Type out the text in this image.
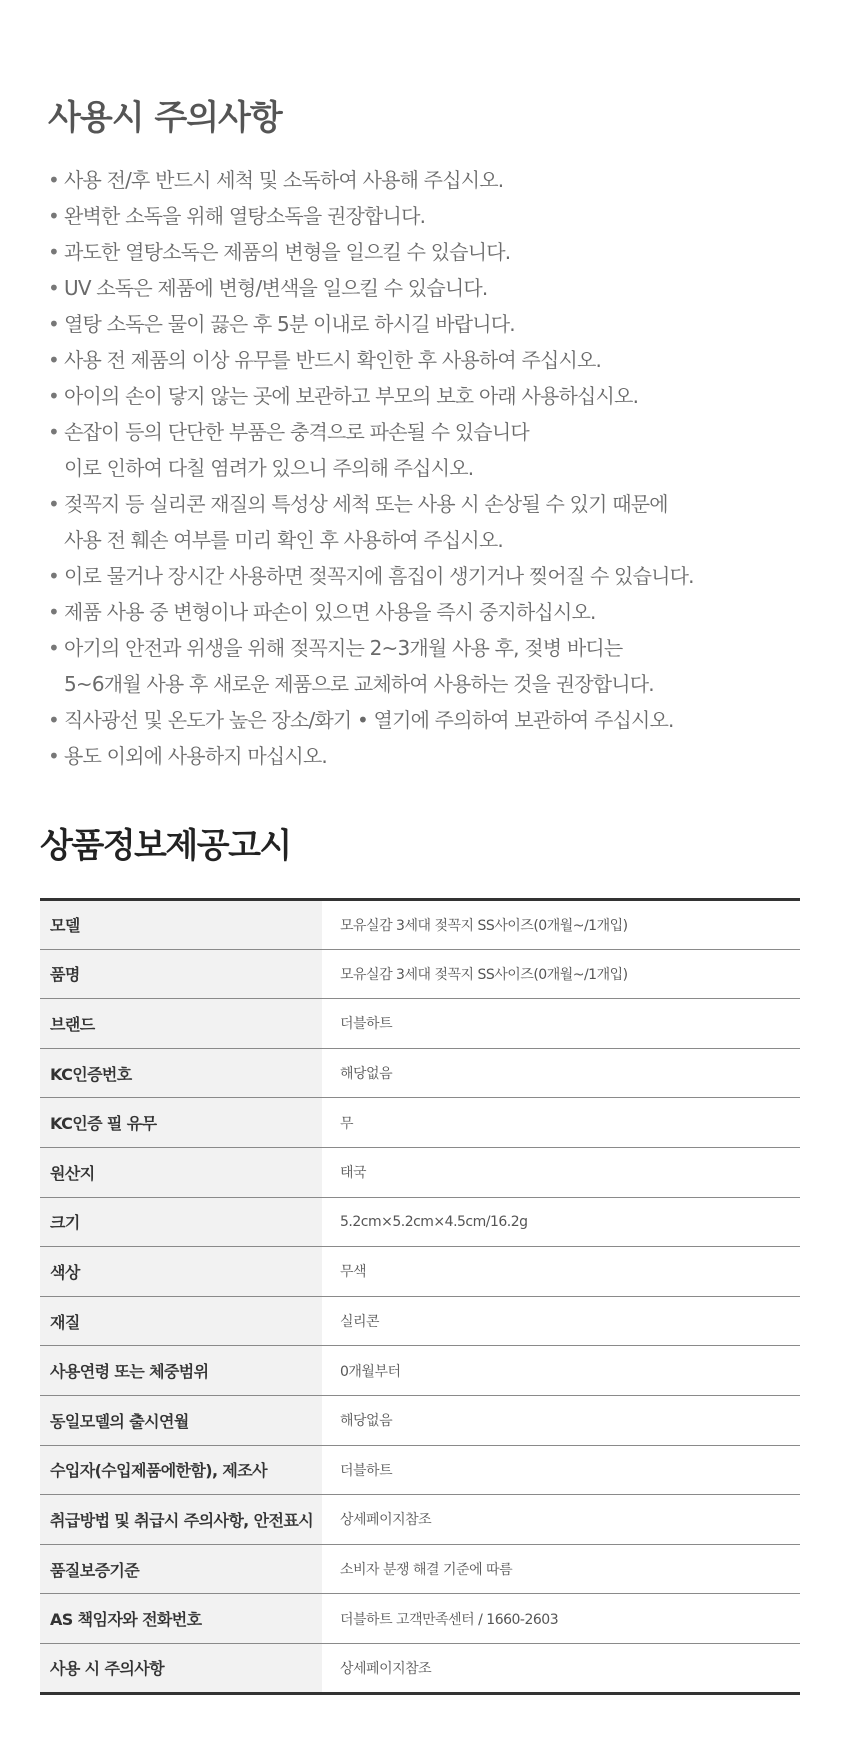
사용시 주의사항
• 사용 전/후 반드시 세척 및 소독하여 사용해 주십시오.
• 완벽한 소독을 위해 열탕소독을 권장합니다.
• 과도한 열탕소독은 제품의 변형을 일으킬 수 있습니다.
• UV 소독은 제품에 변형/변색을 일으킬 수 있습니다.
• 열탕 소독은 물이 끓은 후 5분 이내로 하시길 바랍니다.
• 사용 전 제품의 이상 유무를 반드시 확인한 후 사용하여 주십시오.
• 아이의 손이 닿지 않는 곳에 보관하고 부모의 보호 아래 사용하십시오.
• 손잡이 등의 단단한 부품은 충격으로 파손될 수 있습니다
이로 인하여 다칠 염려가 있으니 주의해 주십시오.
• 젖꼭지 등 실리콘 재질의 특성상 세척 또는 사용 시 손상될 수 있기 때문에
사용 전 훼손 여부를 미리 확인 후 사용하여 주십시오.
• 이로 물거나 장시간 사용하면 젖꼭지에 흠집이 생기거나 찢어질 수 있습니다.
• 제품 사용 중 변형이나 파손이 있으면 사용을 즉시 중지하십시오.
• 아기의 안전과 위생을 위해 젖꼭지는 2~3개월 사용 후, 젖병 바디는
5~6개월 사용 후 새로운 제품으로 교체하여 사용하는 것을 권장합니다.
• 직사광선 및 온도가 높은 장소/화기 • 열기에 주의하여 보관하여 주십시오.
• 용도 이외에 사용하지 마십시오.
상품정보제공고시
모델	모유실감 3세대 젖꼭지 SS사이즈(0개월~/1개입)
품명	모유실감 3세대 젖꼭지 SS사이즈(0개월~/1개입)
브랜드	더블하트
KC인증번호	해당없음
KC인증 필 유무	무
원산지	태국
크기	5.2cm×5.2cm×4.5cm/16.2g
색상	무색
재질	실리콘
사용연령 또는 체중범위	0개월부터
동일모델의 출시연월	해당없음
수입자(수입제품에한함), 제조사	더블하트
취급방법 및 취급시 주의사항, 안전표시	상세페이지참조
품질보증기준	소비자 분쟁 해결 기준에 따름
AS 책임자와 전화번호	더블하트 고객만족센터 / 1660-2603
사용 시 주의사항	상세페이지참조
